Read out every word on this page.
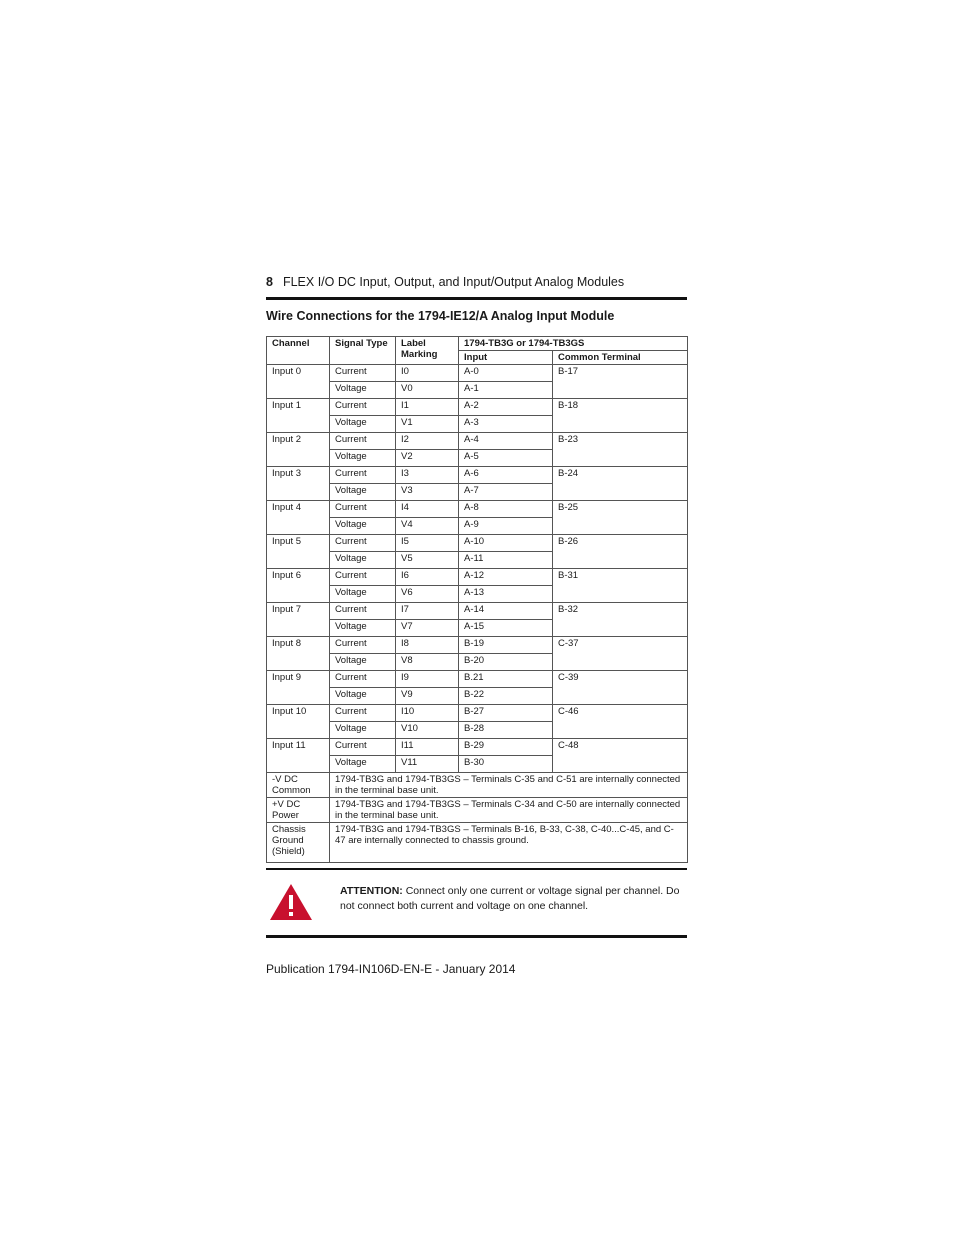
8 FLEX I/O DC Input, Output, and Input/Output Analog Modules
Wire Connections for the 1794-IE12/A Analog Input Module
Channel	Signal Type	Label Marking	1794-TB3G or 1794-TB3GS	
			Input	Common Terminal
Input 0	Current	I0	A-0	B-17
	Voltage	V0	A-1	
Input 1	Current	I1	A-2	B-18
	Voltage	V1	A-3	
Input 2	Current	I2	A-4	B-23
	Voltage	V2	A-5	
Input 3	Current	I3	A-6	B-24
	Voltage	V3	A-7	
Input 4	Current	I4	A-8	B-25
	Voltage	V4	A-9	
Input 5	Current	I5	A-10	B-26
	Voltage	V5	A-11	
Input 6	Current	I6	A-12	B-31
	Voltage	V6	A-13	
Input 7	Current	I7	A-14	B-32
	Voltage	V7	A-15	
Input 8	Current	I8	B-19	C-37
	Voltage	V8	B-20	
Input 9	Current	I9	B.21	C-39
	Voltage	V9	B-22	
Input 10	Current	I10	B-27	C-46
	Voltage	V10	B-28	
Input 11	Current	I11	B-29	C-48
	Voltage	V11	B-30	
-V DC Common	1794-TB3G and 1794-TB3GS – Terminals C-35 and C-51 are internally connected in the terminal base unit.			
+V DC Power	1794-TB3G and 1794-TB3GS – Terminals C-34 and C-50 are internally connected in the terminal base unit.			
Chassis Ground (Shield)	1794-TB3G and 1794-TB3GS – Terminals B-16, B-33, C-38, C-40...C-45, and C-47 are internally connected to chassis ground.			
ATTENTION: Connect only one current or voltage signal per channel. Do not connect both current and voltage on one channel.
Publication 1794-IN106D-EN-E - January 2014
